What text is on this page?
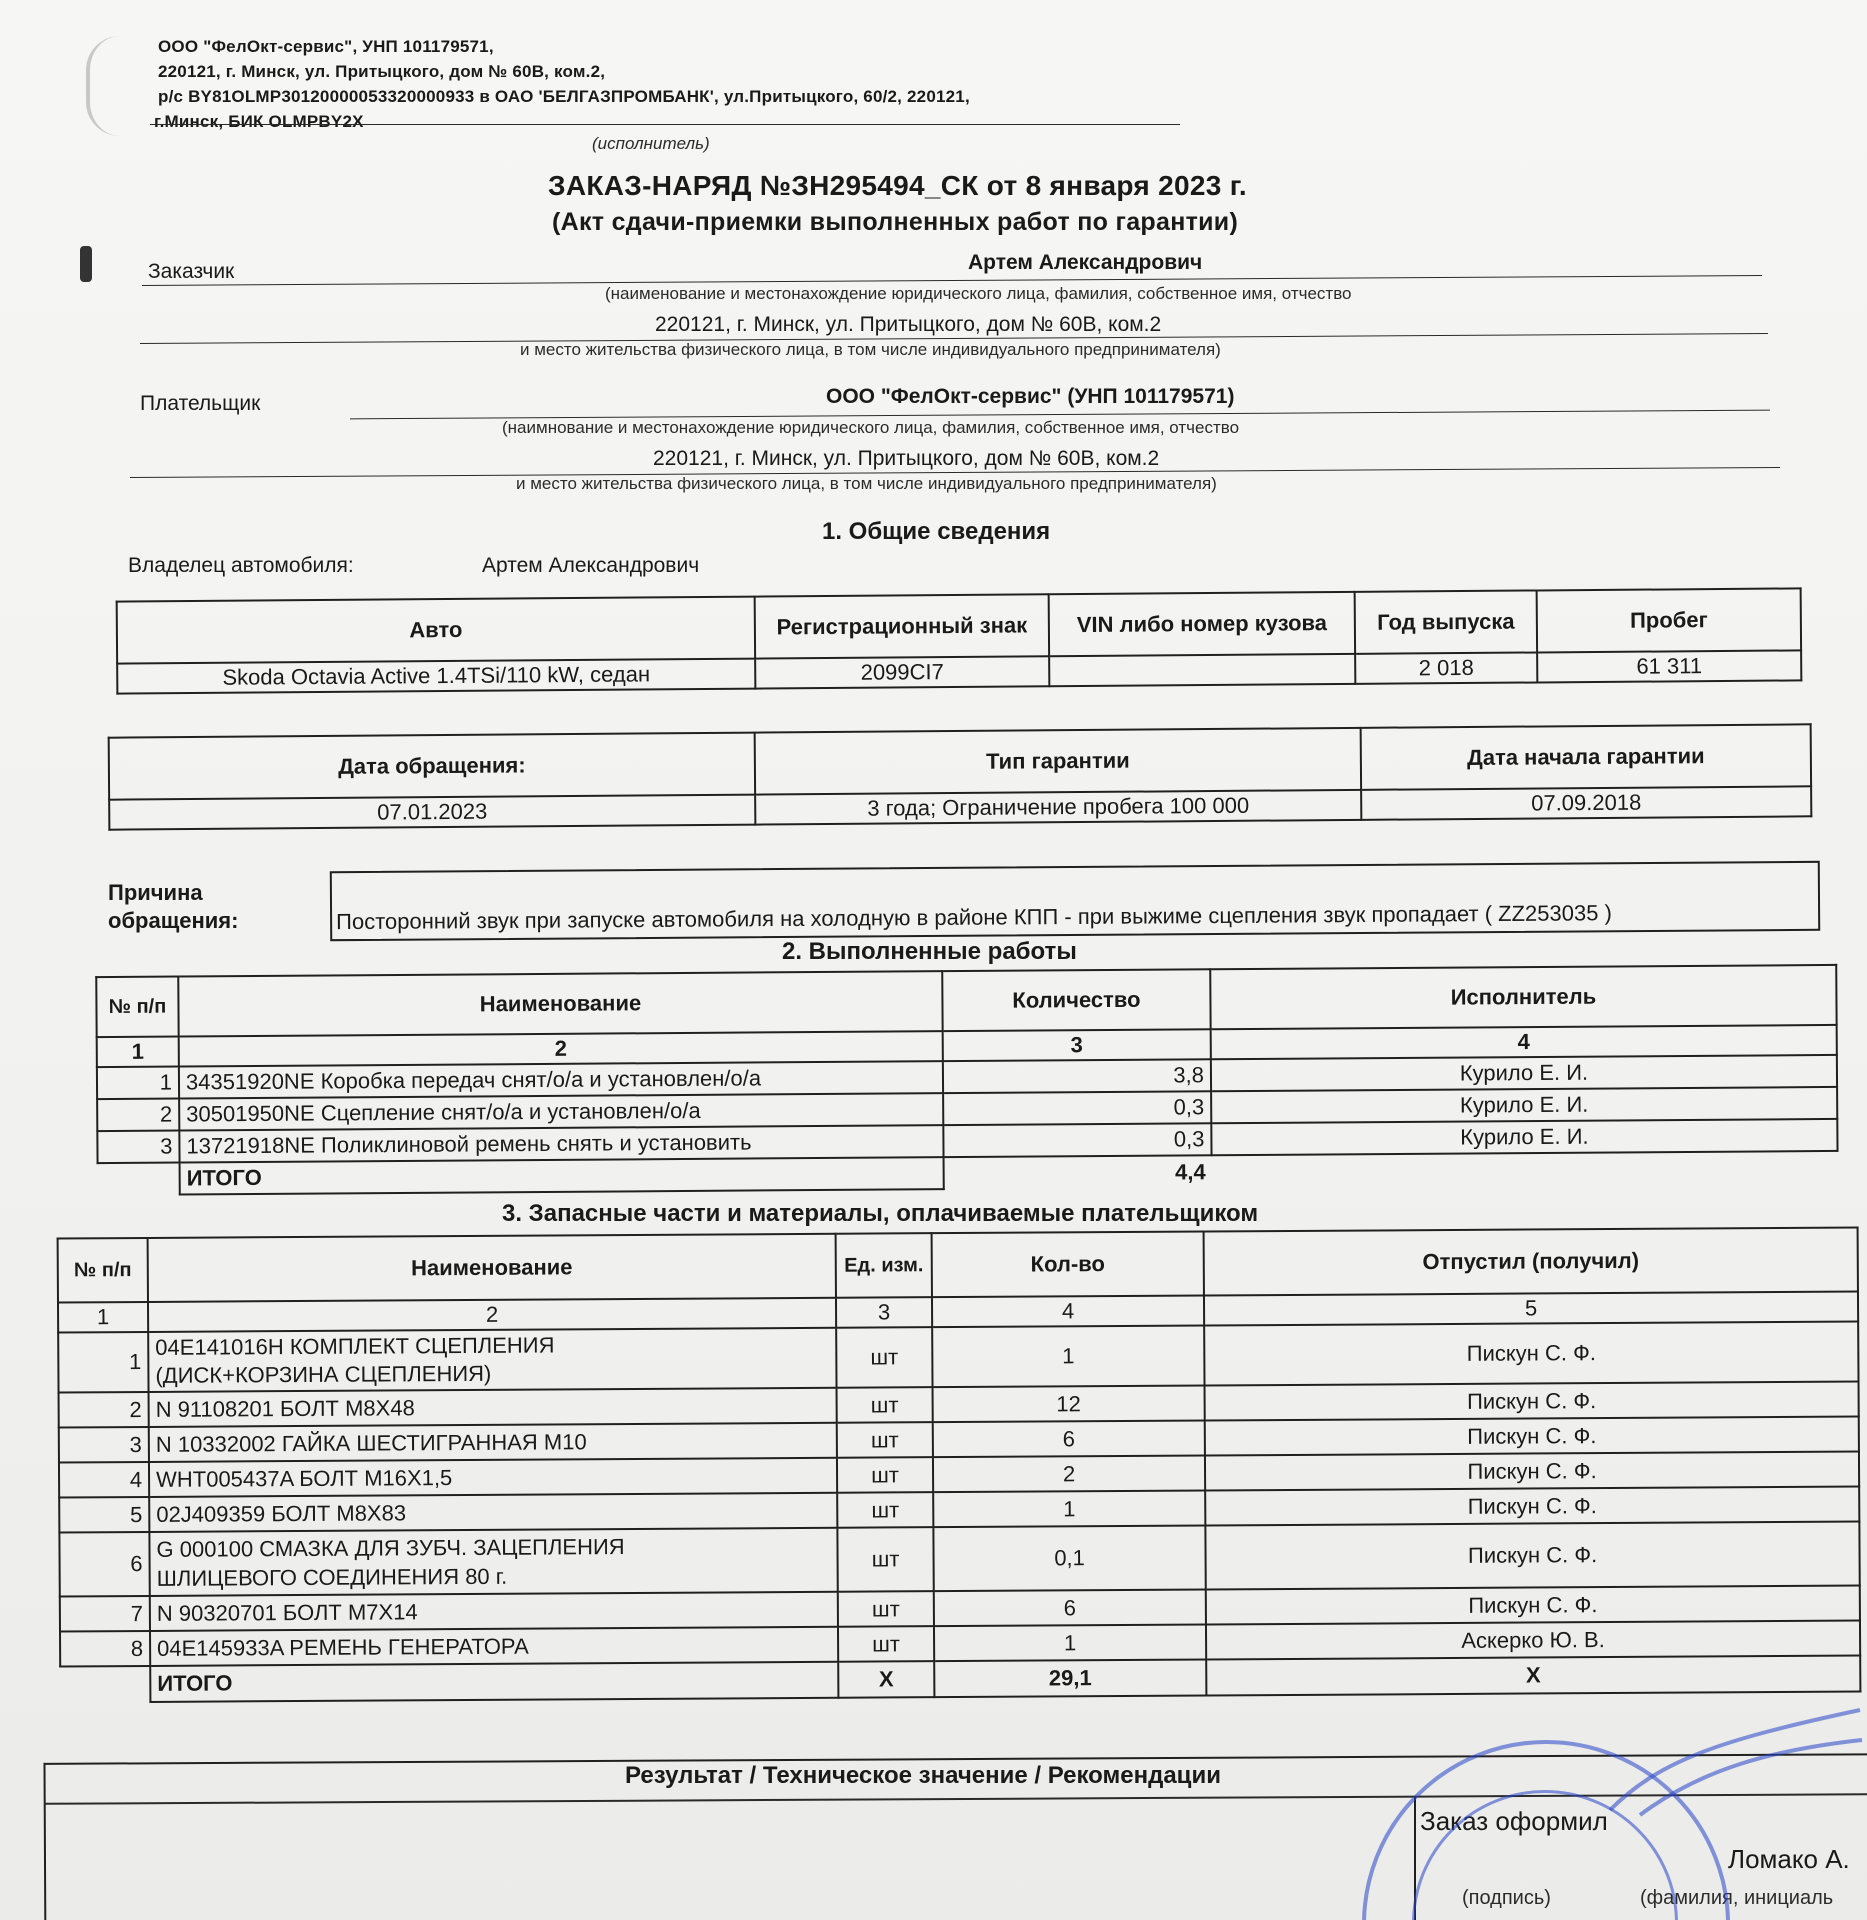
ООО "ФелОкт-сервис", УНП 101179571,
220121, г. Минск, ул. Притыцкого, дом № 60В, ком.2,
р/с BY81OLMP30120000053320000933 в ОАО 'БЕЛГАЗПРОМБАНК', ул.Притыцкого, 60/2, 220121,
г.Минск, БИК OLMPBY2X
(исполнитель)
ЗАКАЗ-НАРЯД №ЗН295494_СК от 8 января 2023 г.
(Акт сдачи-приемки выполненных работ по гарантии)
Заказчик	Артем Александрович
(наименование и местонахождение юридического лица, фамилия, собственное имя, отчество
220121, г. Минск, ул. Притыцкого, дом № 60В, ком.2
и место жительства физического лица, в том числе индивидуального предпринимателя)
Плательщик	ООО "ФелОкт-сервис" (УНП 101179571)
(наимнование и местонахождение юридического лица, фамилия, собственное имя, отчество
220121, г. Минск, ул. Притыцкого, дом № 60В, ком.2
и место жительства физического лица, в том числе индивидуального предпринимателя)
1. Общие сведения
Владелец автомобиля:	Артем Александрович
Авто	Регистрационный знак	VIN либо номер кузова	Год выпуска	Пробег
Skoda Octavia Active 1.4TSi/110 kW, седан	2099CI7		2 018	61 311
Дата обращения:	Тип гарантии	Дата начала гарантии
07.01.2023	3 года; Ограничение пробега 100 000	07.09.2018
Причина
обращения:	Посторонний звук при запуске автомобиля на холодную в районе КПП - при выжиме сцепления звук пропадает ( ZZ253035 )
2. Выполненные работы
№ п/п	Наименование	Количество	Исполнитель
1	2	3	4
1	34351920NE Коробка передач снят/о/а и установлен/о/а	3,8	Курило Е. И.
2	30501950NE Сцепление снят/о/а и установлен/о/а	0,3	Курило Е. И.
3	13721918NE Поликлиновой ремень снять и установить	0,3	Курило Е. И.
	ИТОГО	4,4	
3. Запасные части и материалы, оплачиваемые плательщиком
№ п/п	Наименование	Ед. изм.	Кол-во	Отпустил (получил)
1	2	3	4	5
1	04E141016H КОМПЛЕКТ СЦЕПЛЕНИЯ
(ДИСК+КОРЗИНА СЦЕПЛЕНИЯ)	шт	1	Пискун С. Ф.
2	N 91108201 БОЛТ М8Х48	шт	12	Пискун С. Ф.
3	N 10332002 ГАЙКА ШЕСТИГРАННАЯ М10	шт	6	Пискун С. Ф.
4	WHT005437A БОЛТ М16Х1,5	шт	2	Пискун С. Ф.
5	02J409359 БОЛТ М8Х83	шт	1	Пискун С. Ф.
6	G 000100 СМАЗКА ДЛЯ ЗУБЧ. ЗАЦЕПЛЕНИЯ
ШЛИЦЕВОГО СОЕДИНЕНИЯ 80 г.	шт	0,1	Пискун С. Ф.
7	N 90320701 БОЛТ М7Х14	шт	6	Пискун С. Ф.
8	04E145933A РЕМЕНЬ ГЕНЕРАТОРА	шт	1	Аскерко Ю. В.
	ИТОГО	Х	29,1	Х
Результат / Техническое значение / Рекомендации
Заказ оформил
Ломако А.
(подпись)	(фамилия, инициаль
